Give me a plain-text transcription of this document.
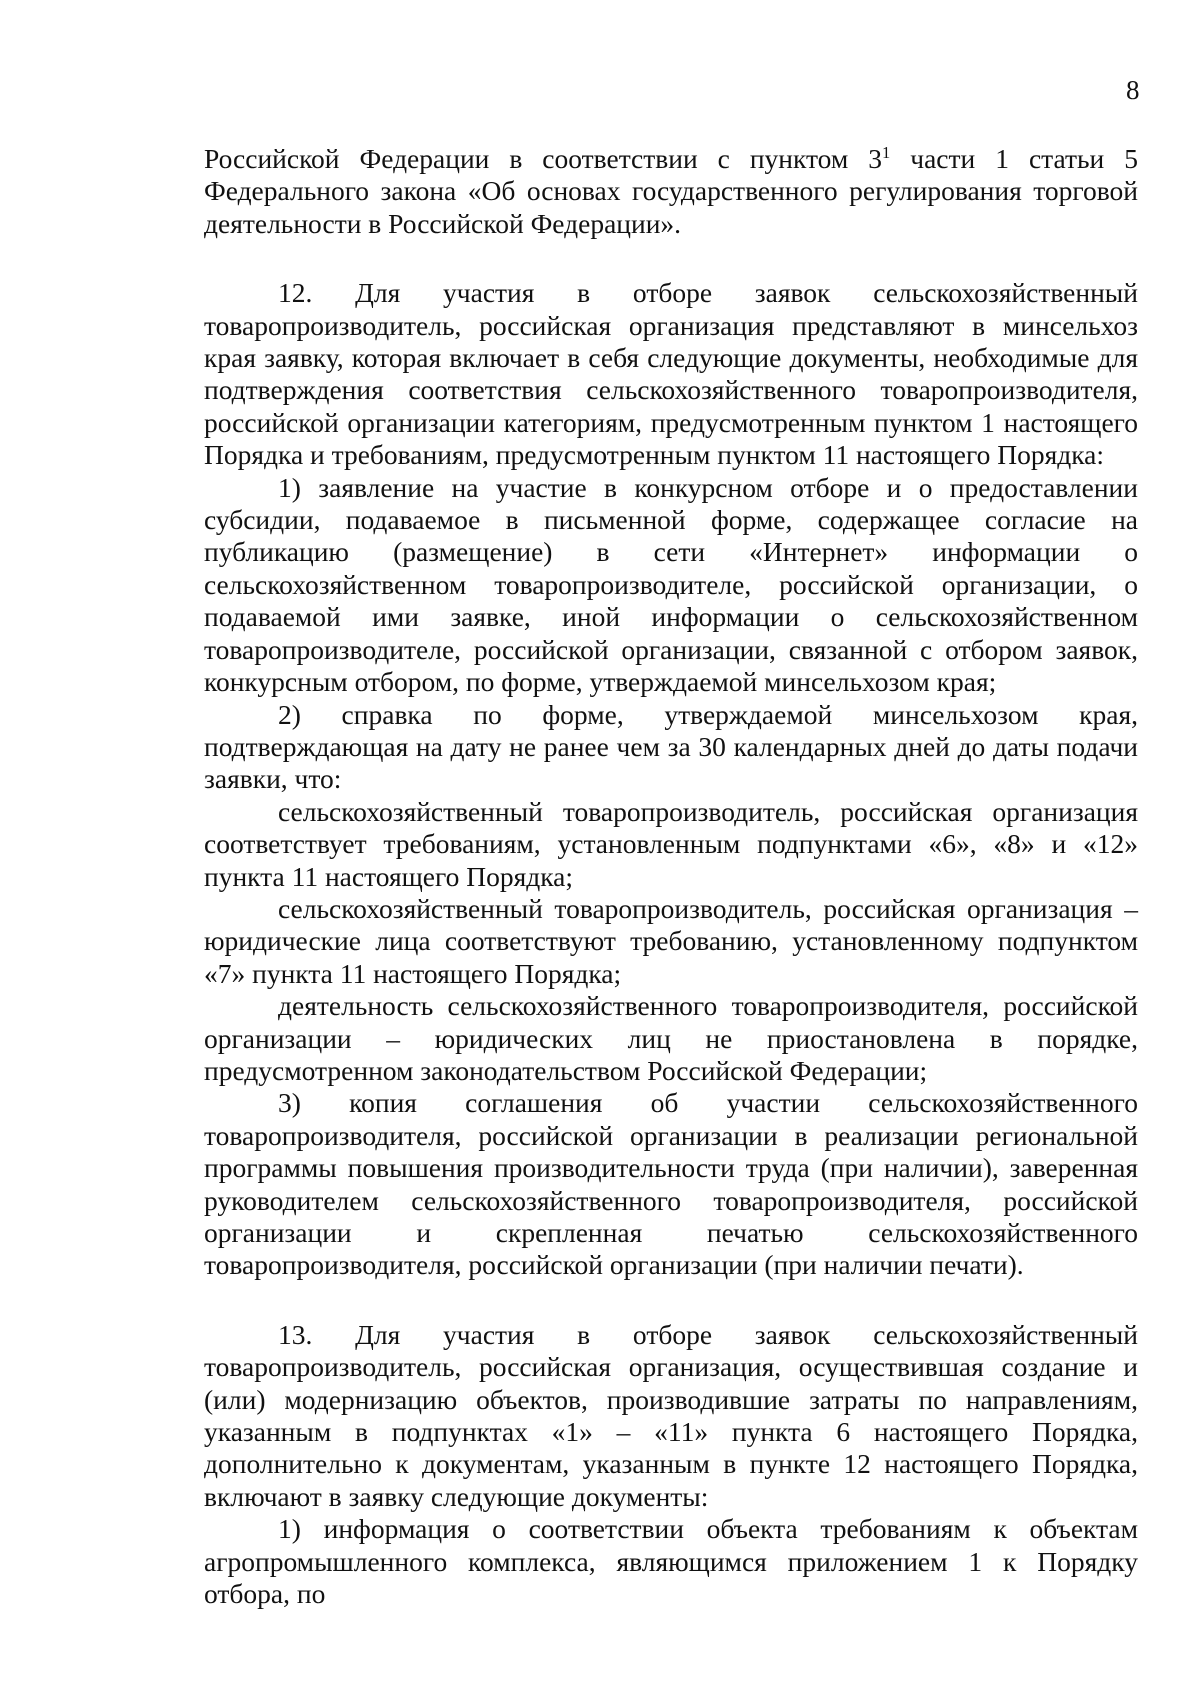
8

Российской Федерации в соответствии с пунктом $3^1$ части 1 статьи 5 Федерального закона «Об основах государственного регулирования торговой деятельности в Российской Федерации».

12. Для участия в отборе заявок сельскохозяйственный товаропроизводитель, российская организация представляют в минсельхоз края заявку, которая включает в себя следующие документы, необходимые для подтверждения соответствия сельскохозяйственного товаропроизводителя, российской организации категориям, предусмотренным пунктом 1 настоящего Порядка и требованиям, предусмотренным пунктом 11 настоящего Порядка:

1) заявление на участие в конкурсном отборе и о предоставлении субсидии, подаваемое в письменной форме, содержащее согласие на публикацию (размещение) в сети «Интернет» информации о сельскохозяйственном товаропроизводителе, российской организации, о подаваемой ими заявке, иной информации о сельскохозяйственном товаропроизводителе, российской организации, связанной с отбором заявок, конкурсным отбором, по форме, утверждаемой минсельхозом края;

2) справка по форме, утверждаемой минсельхозом края, подтверждающая на дату не ранее чем за 30 календарных дней до даты подачи заявки, что:

сельскохозяйственный товаропроизводитель, российская организация соответствует требованиям, установленным подпунктами «6», «8» и «12» пункта 11 настоящего Порядка;

сельскохозяйственный товаропроизводитель, российская организация – юридические лица соответствуют требованию, установленному подпунктом «7» пункта 11 настоящего Порядка;

деятельность сельскохозяйственного товаропроизводителя, российской организации – юридических лиц не приостановлена в порядке, предусмотренном законодательством Российской Федерации;

3) копия соглашения об участии сельскохозяйственного товаропроизводителя, российской организации в реализации региональной программы повышения производительности труда (при наличии), заверенная руководителем сельскохозяйственного товаропроизводителя, российской организации и скрепленная печатью сельскохозяйственного товаропроизводителя, российской организации (при наличии печати).

13. Для участия в отборе заявок сельскохозяйственный товаропроизводитель, российская организация, осуществившая создание и (или) модернизацию объектов, производившие затраты по направлениям, указанным в подпунктах «1» – «11» пункта 6 настоящего Порядка, дополнительно к документам, указанным в пункте 12 настоящего Порядка, включают в заявку следующие документы:

1) информация о соответствии объекта требованиям к объектам агропромышленного комплекса, являющимся приложением 1 к Порядку отбора, по
